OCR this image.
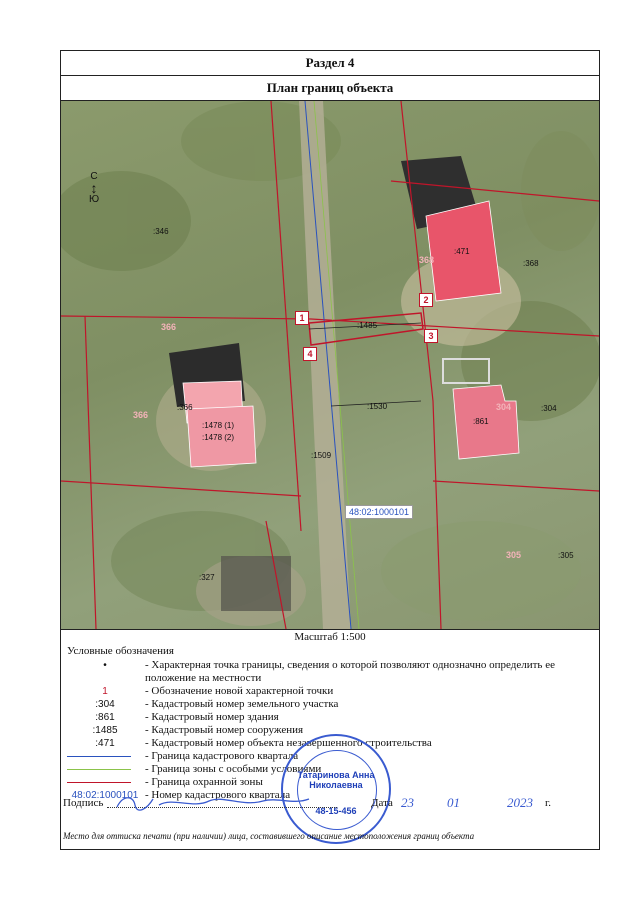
Раздел 4
План границ объекта
С
↕
Ю
:346
:368
:471
:366
:1478 (1)
:1478 (2)
:1485
:1530
:1509
:861
:304
:305
:327
368
366
366
304
305
1
2
3
4
48:02:1000101
Масштаб 1:500
Условные обозначения
•	- Характерная точка границы, сведения о которой позволяют однозначно определить ее положение на местности
1	- Обозначение новой характерной точки
:304	- Кадастровый номер земельного участка
:861	- Кадастровый номер здания
:1485	- Кадастровый номер сооружения
:471	- Кадастровый номер объекта незавершенного строительства
- Граница кадастрового квартала
- Граница зоны с особыми условиями
- Граница охранной зоны
48:02:1000101 - Номер кадастрового квартала
Татаринова Анна Николаевна
48-15-456
Подпись	Дата 23	01	2023 г.
Место для оттиска печати (при наличии) лица, составившего описание местоположения границ объекта
